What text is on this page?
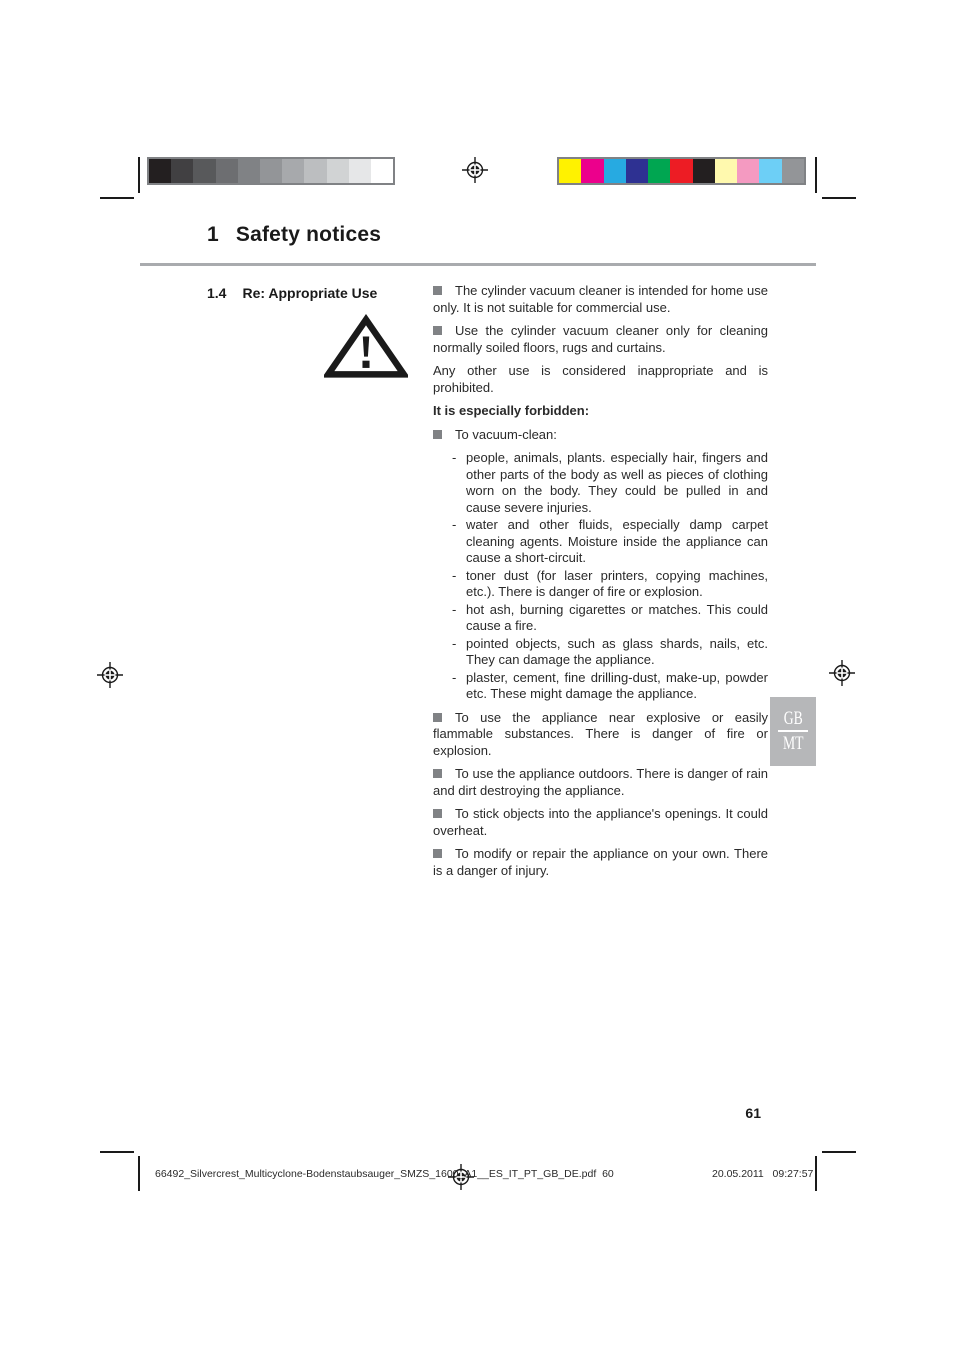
1 Safety notices
1.4 Re: Appropriate Use	The cylinder vacuum cleaner is intended for home use only. It is not suitable for commercial use.

Use the cylinder vacuum cleaner only for cleaning normally soiled floors, rugs and curtains.

Any other use is considered inappropriate and is prohibited.

It is especially forbidden:

To vacuum-clean:

- people, animals, plants. especially hair, fingers and other parts of the body as well as pieces of clothing worn on the body. They could be pulled in and cause severe injuries.

- water and other fluids, especially damp carpet cleaning agents. Moisture inside the appliance can cause a short-circuit.

- toner dust (for laser printers, copying machines, etc.). There is danger of fire or explosion.

- hot ash, burning cigarettes or matches. This could cause a fire.

- pointed objects, such as glass shards, nails, etc. They can damage the appliance.

- plaster, cement, fine drilling-dust, make-up, powder etc. These might damage the appliance.

To use the appliance near explosive or easily flammable substances. There is danger of fire or explosion.

To use the appliance outdoors. There is danger of rain and dirt destroying the appliance.

To stick objects into the appliance's openings. It could overheat.

To modify or repair the appliance on your own. There is a danger of injury.

GB
MT
61
66492_Silvercrest_Multicyclone-Bodenstaubsauger_SMZS_1600_A1__ES_IT_PT_GB_DE.pdf  60	20.05.2011   09:27:57
